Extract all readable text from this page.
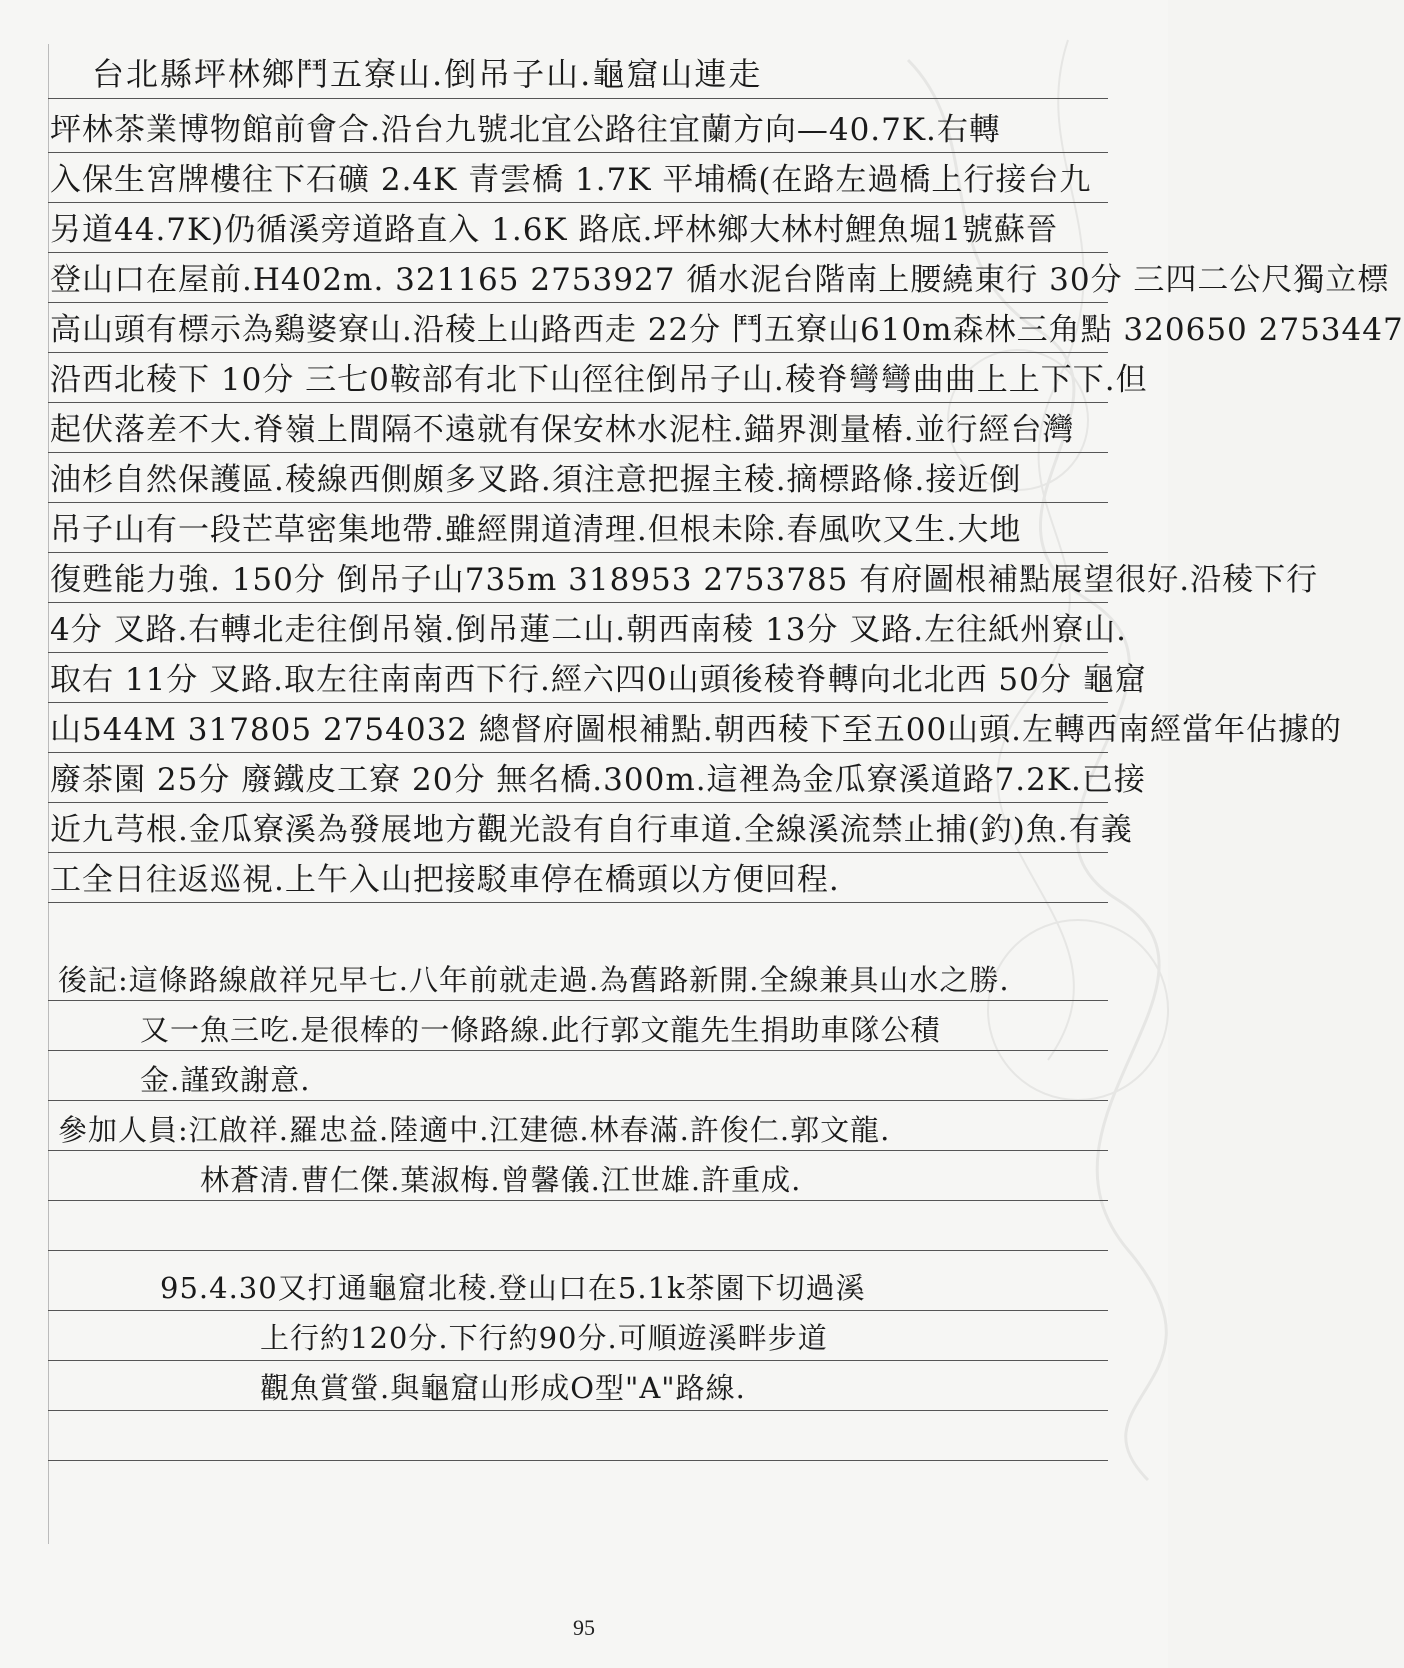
台北縣坪林鄉鬥五寮山.倒吊子山.龜窟山連走
坪林茶業博物館前會合.沿台九號北宜公路往宜蘭方向—40.7K.右轉
入保生宮牌樓往下石礦 2.4K 青雲橋 1.7K 平埔橋(在路左過橋上行接台九
另道44.7K)仍循溪旁道路直入 1.6K 路底.坪林鄉大林村鯉魚堀1號蘇晉
登山口在屋前.H402m. 321165 2753927 循水泥台階南上腰繞東行 30分 三四二公尺獨立標
高山頭有標示為鷄婆寮山.沿稜上山路西走 22分 鬥五寮山610m森林三角點 320650 2753447
沿西北稜下 10分 三七0鞍部有北下山徑往倒吊子山.稜脊彎彎曲曲上上下下.但
起伏落差不大.脊嶺上間隔不遠就有保安林水泥柱.錨界測量樁.並行經台灣
油杉自然保護區.稜線西側頗多叉路.須注意把握主稜.摘標路條.接近倒
吊子山有一段芒草密集地帶.雖經開道清理.但根未除.春風吹又生.大地
復甦能力強. 150分 倒吊子山735m 318953 2753785 有府圖根補點展望很好.沿稜下行
4分 叉路.右轉北走往倒吊嶺.倒吊蓮二山.朝西南稜 13分 叉路.左往紙州寮山.
取右 11分 叉路.取左往南南西下行.經六四0山頭後稜脊轉向北北西 50分 龜窟
山544M 317805 2754032 總督府圖根補點.朝西稜下至五00山頭.左轉西南經當年佔據的
廢茶園 25分 廢鐵皮工寮 20分 無名橋.300m.這裡為金瓜寮溪道路7.2K.已接
近九芎根.金瓜寮溪為發展地方觀光設有自行車道.全線溪流禁止捕(釣)魚.有義
工全日往返巡視.上午入山把接駁車停在橋頭以方便回程.
後記:這條路線啟祥兄早七.八年前就走過.為舊路新開.全線兼具山水之勝.
又一魚三吃.是很棒的一條路線.此行郭文龍先生捐助車隊公積
金.謹致謝意.
參加人員:江啟祥.羅忠益.陸適中.江建德.林春滿.許俊仁.郭文龍.
林蒼清.曹仁傑.葉淑梅.曾馨儀.江世雄.許重成.
95.4.30又打通龜窟北稜.登山口在5.1k茶園下切過溪
上行約120分.下行約90分.可順遊溪畔步道
觀魚賞螢.與龜窟山形成O型"A"路線.
95
